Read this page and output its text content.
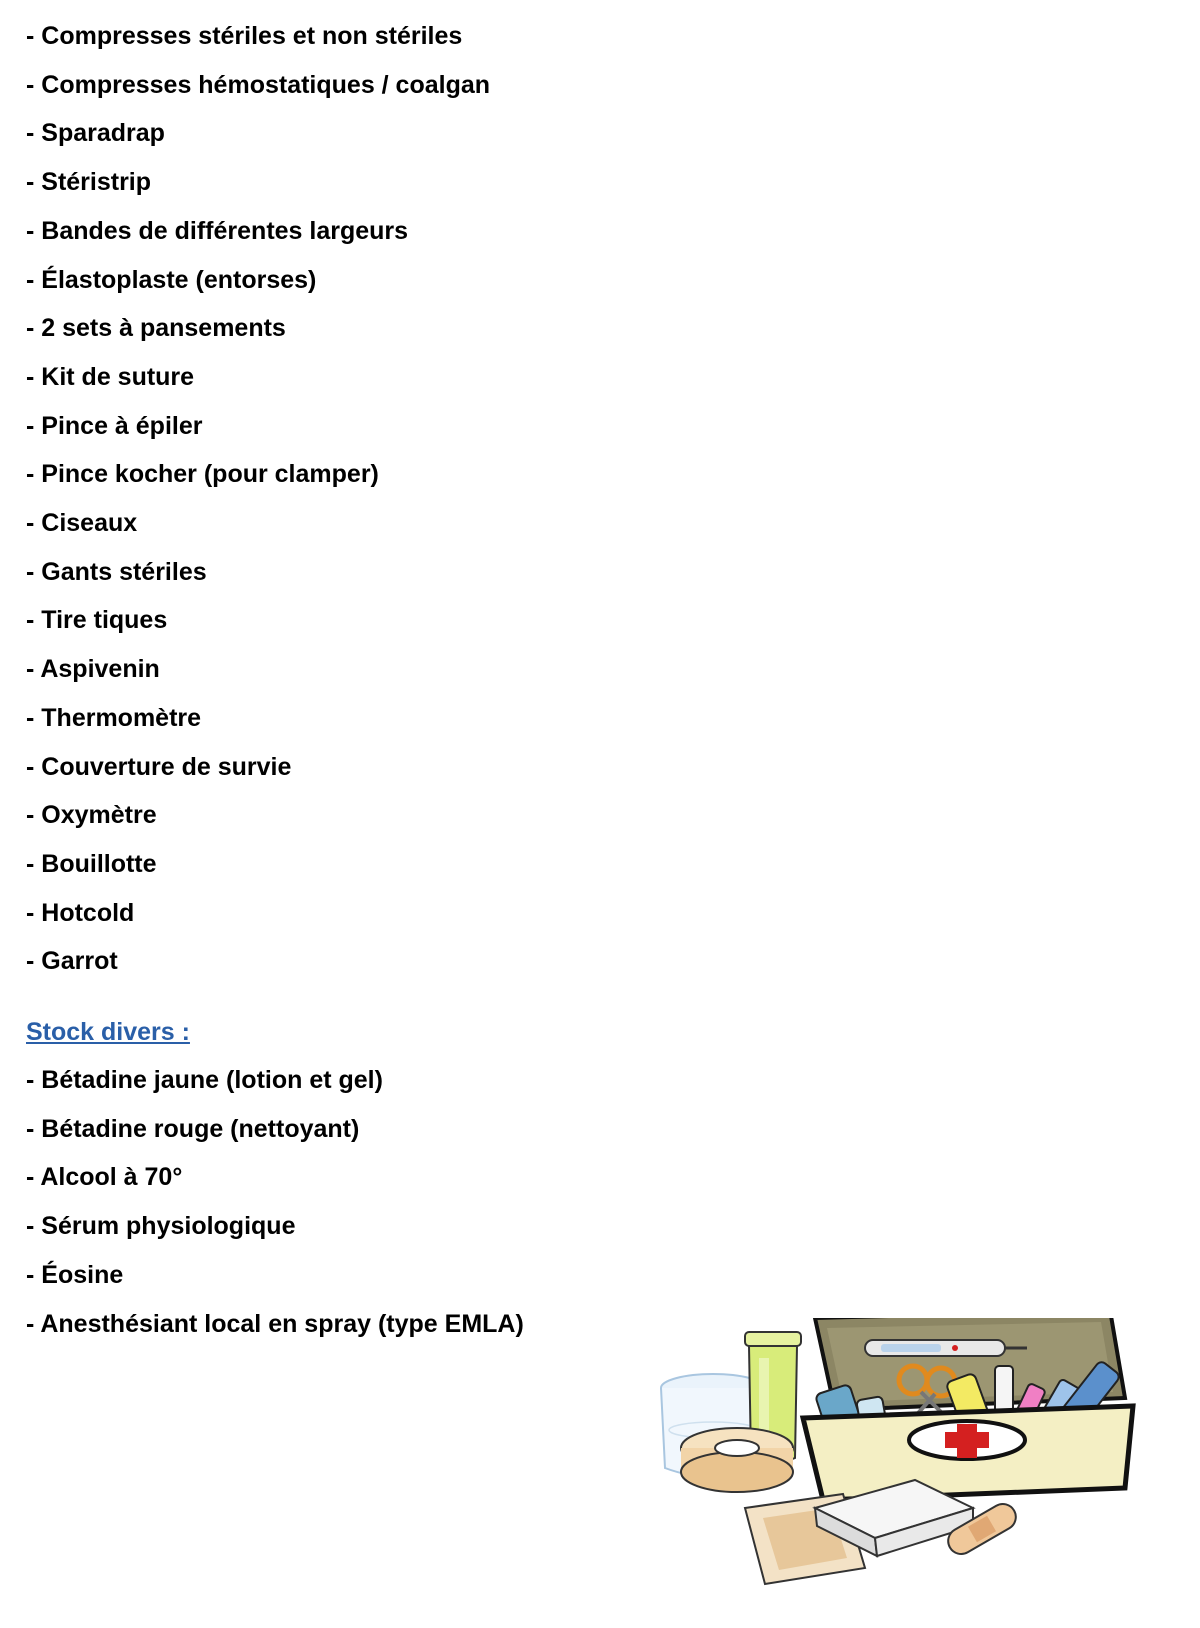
- Compresses stériles et non stériles
- Compresses hémostatiques / coalgan
- Sparadrap
- Stéristrip
- Bandes de différentes largeurs
- Élastoplaste (entorses)
- 2 sets à pansements
- Kit de suture
- Pince à épiler
- Pince kocher (pour clamper)
- Ciseaux
- Gants stériles
- Tire tiques
- Aspivenin
- Thermomètre
- Couverture de survie
- Oxymètre
- Bouillotte
- Hotcold
- Garrot
Stock divers :
- Bétadine jaune (lotion et gel)
- Bétadine rouge (nettoyant)
- Alcool à 70°
- Sérum physiologique
- Éosine
- Anesthésiant local en spray (type EMLA)
